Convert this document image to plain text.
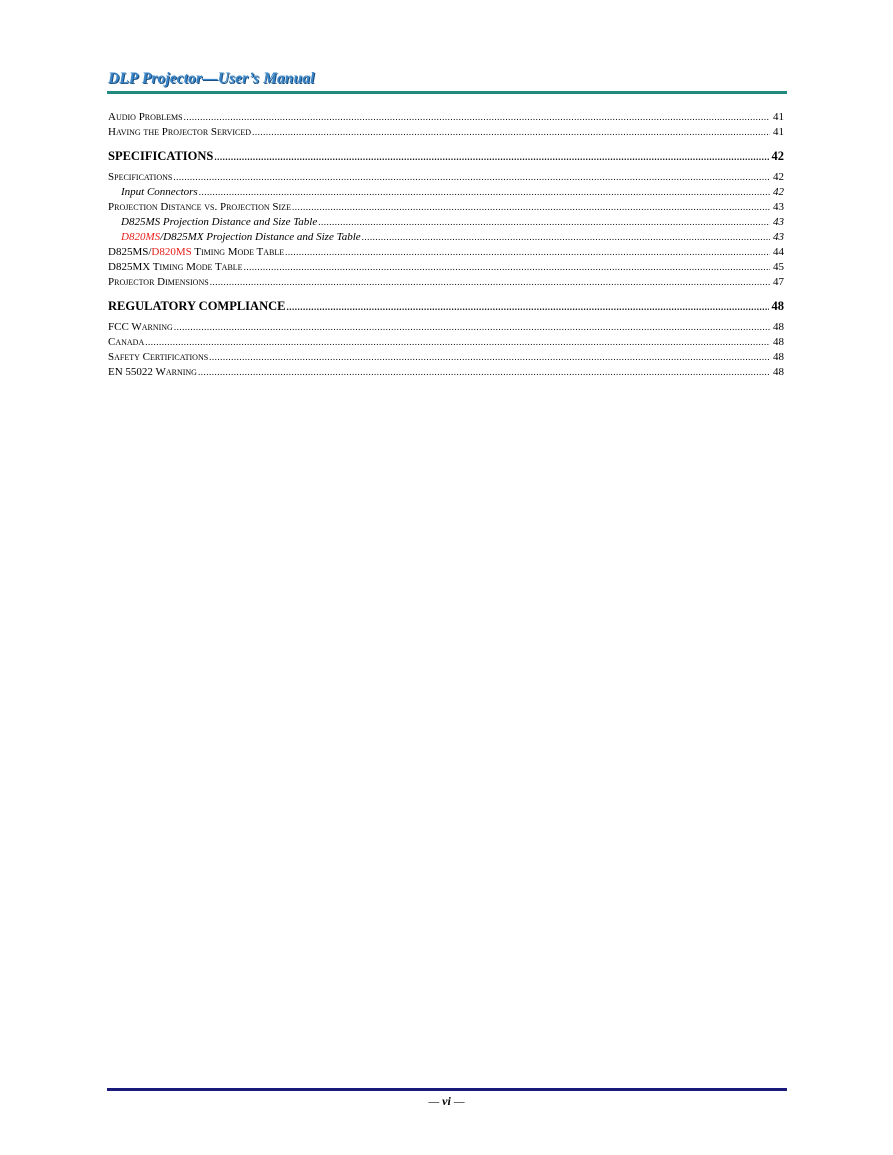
DLP Projector—User’s Manual
Audio Problems .....	41
Having the Projector Serviced .....	41
SPECIFICATIONS .....	42
Specifications .....	42
Input Connectors .....	42
Projection Distance vs. Projection Size .....	43
D825MS Projection Distance and Size Table .....	43
D820MS/D825MX Projection Distance and Size Table .....	43
D825MS/D820MS Timing Mode Table .....	44
D825MX Timing Mode Table .....	45
Projector Dimensions .....	47
REGULATORY COMPLIANCE .....	48
FCC Warning .....	48
Canada .....	48
Safety Certifications .....	48
EN 55022 Warning .....	48
— vi —
